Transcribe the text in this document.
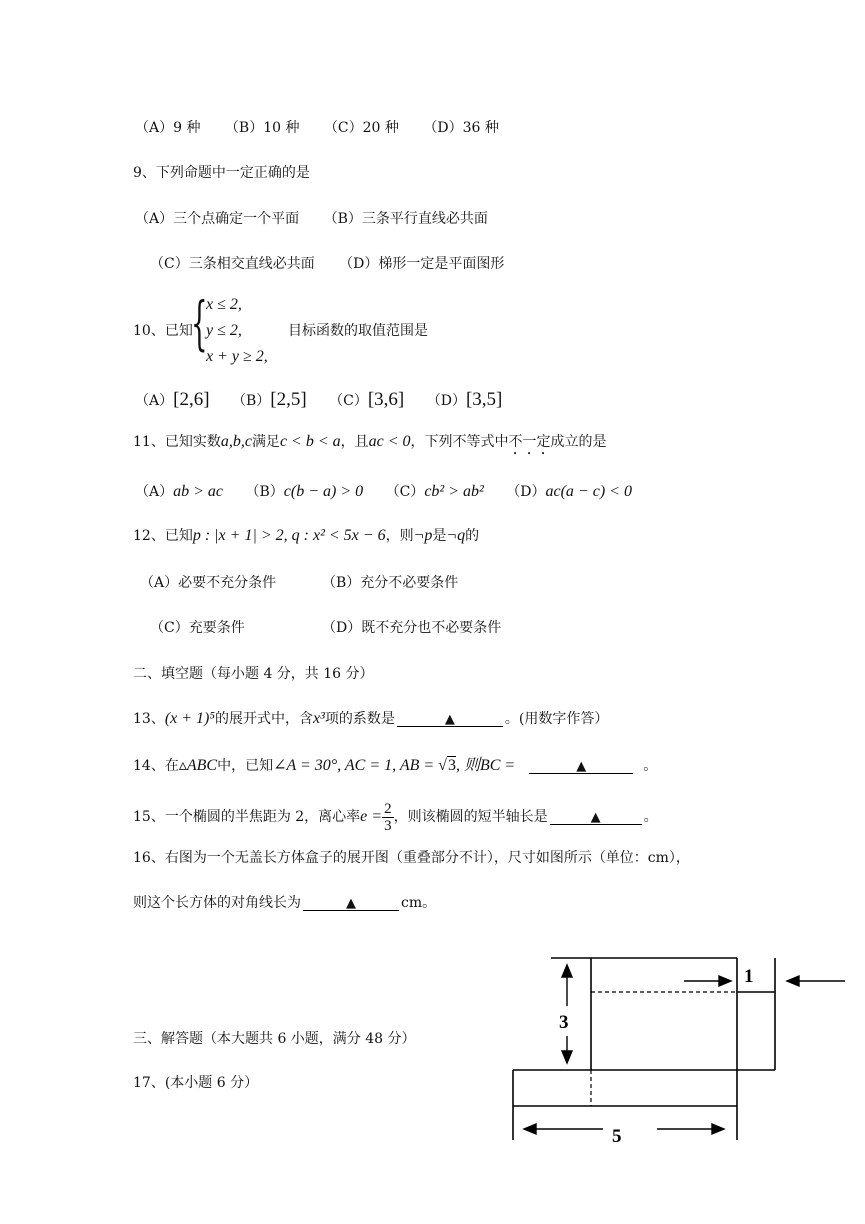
（A）9 种 （B）10 种 （C）20 种 （D）36 种
9、下列命题中一定正确的是
（A）三个点确定一个平面 （B）三条平行直线必共面
（C）三条相交直线必共面 （D）梯形一定是平面图形
10、已知
{
x ≤ 2,
y ≤ 2,
x + y ≥ 2,
目标函数的取值范围是
（A）[2,6] （B）[2,5] （C）[3,6] （D）[3,5]
11、已知实数a,b,c满足c < b < a，且ac < 0，下列不等式中不一定成立的是
（A）ab > ac （B）c(b − a) > 0 （C）cb² > ab² （D）ac(a − c) < 0
12、已知p : |x + 1| > 2, q : x² < 5x − 6，则¬p是¬q的
（A）必要不充分条件	（B）充分不必要条件
（C）充要条件	（D）既不充分也不必要条件
二、填空题（每小题 4 分，共 16 分）
13、(x + 1)⁵的展开式中，含x³项的系数是	▲	。(用数字作答）
14、在▵ABC中，已知∠A = 30°, AC = 1, AB = √3, 则BC =	▲	。
15、一个椭圆的半焦距为 2，离心率$e = \frac{2}{3}$ ，则该椭圆的短半轴长是	▲	。
16、右图为一个无盖长方体盒子的展开图（重叠部分不计），尺寸如图所示（单位：cm），
则这个长方体的对角线长为	▲	cm。
三、解答题（本大题共 6 小题，满分 48 分）
17、(本小题 6 分）
1
3
5
